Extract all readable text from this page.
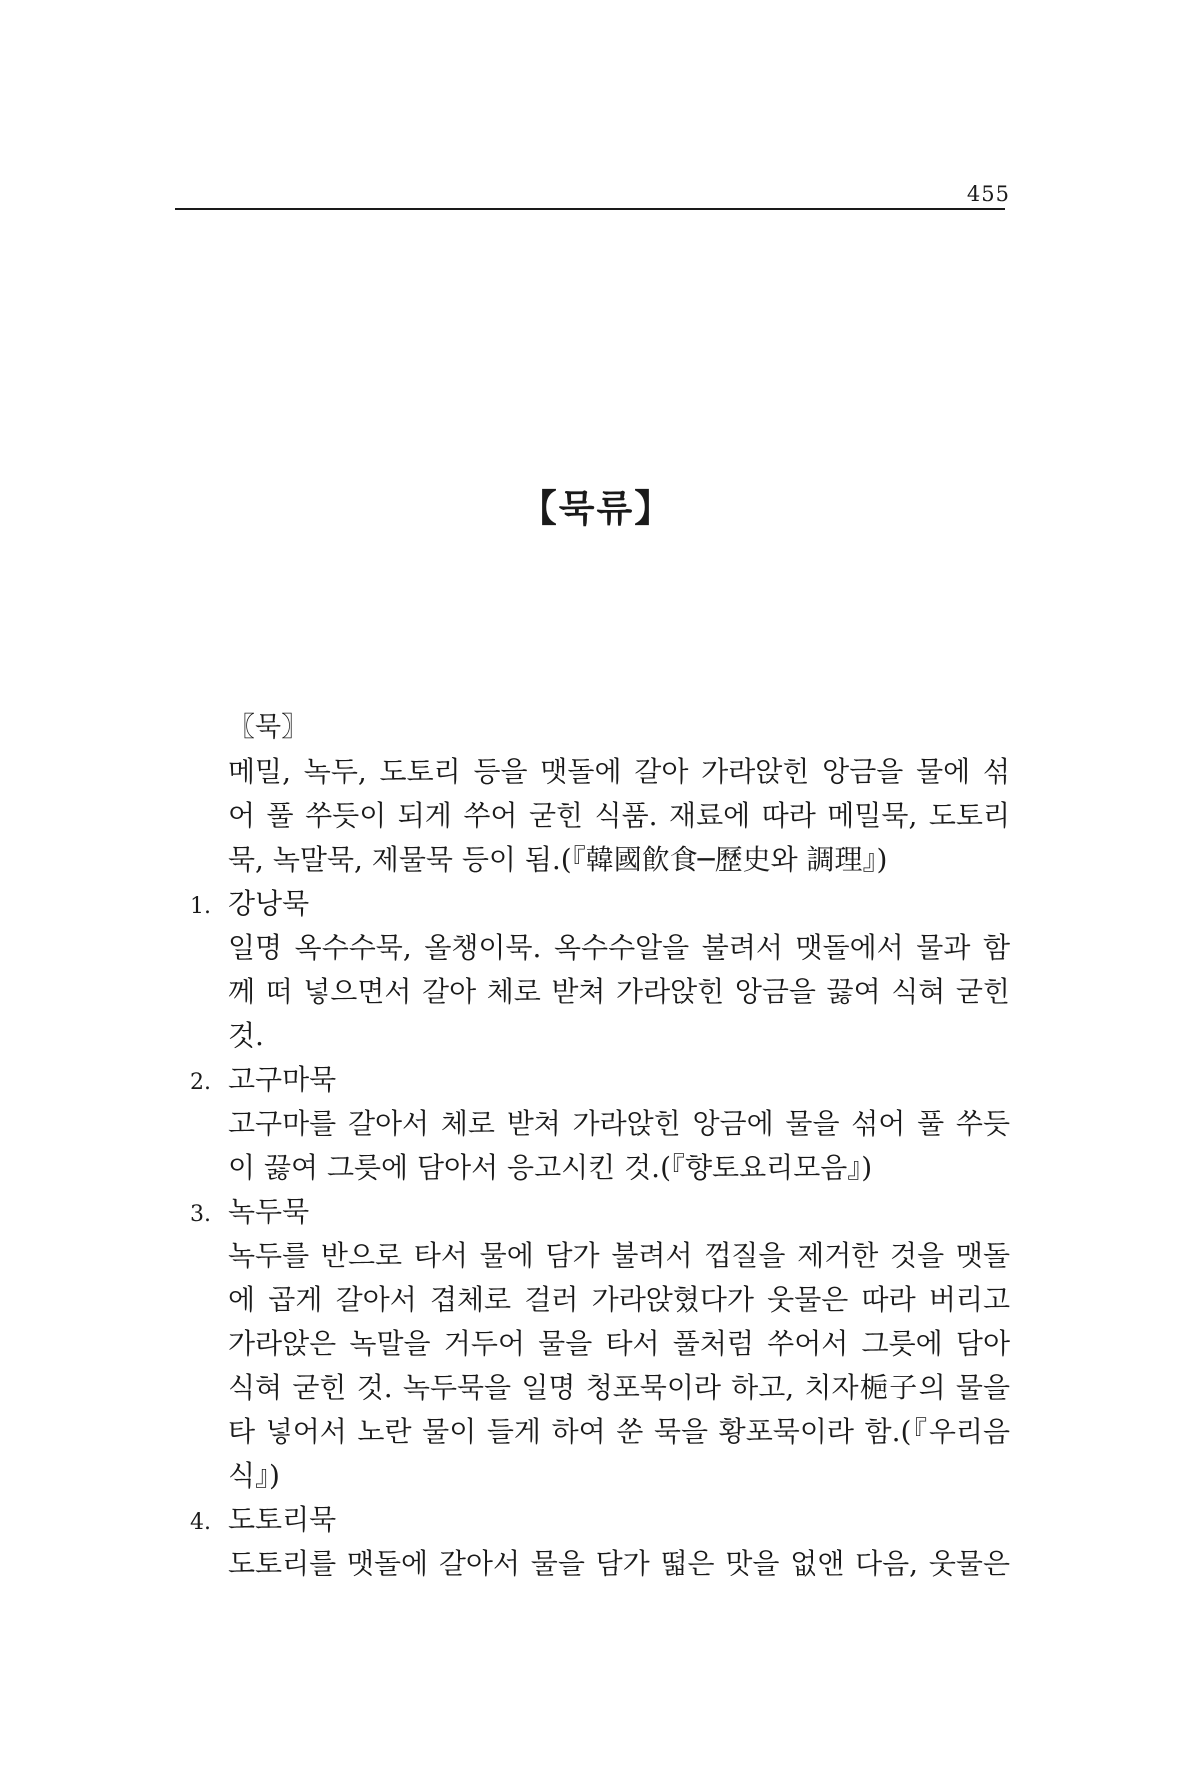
455
【묵류】
〖묵〗
메밀, 녹두, 도토리 등을 맷돌에 갈아 가라앉힌 앙금을 물에 섞
어 풀 쑤듯이 되게 쑤어 굳힌 식품. 재료에 따라 메밀묵, 도토리
묵, 녹말묵, 제물묵 등이 됨.(『韓國飮食─歷史와 調理』)
1. 강낭묵
일명 옥수수묵, 올챙이묵. 옥수수알을 불려서 맷돌에서 물과 함
께 떠 넣으면서 갈아 체로 받쳐 가라앉힌 앙금을 끓여 식혀 굳힌
것.
2. 고구마묵
고구마를 갈아서 체로 받쳐 가라앉힌 앙금에 물을 섞어 풀 쑤듯
이 끓여 그릇에 담아서 응고시킨 것.(『향토요리모음』)
3. 녹두묵
녹두를 반으로 타서 물에 담가 불려서 껍질을 제거한 것을 맷돌
에 곱게 갈아서 겹체로 걸러 가라앉혔다가 웃물은 따라 버리고
가라앉은 녹말을 거두어 물을 타서 풀처럼 쑤어서 그릇에 담아
식혀 굳힌 것. 녹두묵을 일명 청포묵이라 하고, 치자梔子의 물을
타 넣어서 노란 물이 들게 하여 쑨 묵을 황포묵이라 함.(『우리음
식』)
4. 도토리묵
도토리를 맷돌에 갈아서 물을 담가 떫은 맛을 없앤 다음, 웃물은
